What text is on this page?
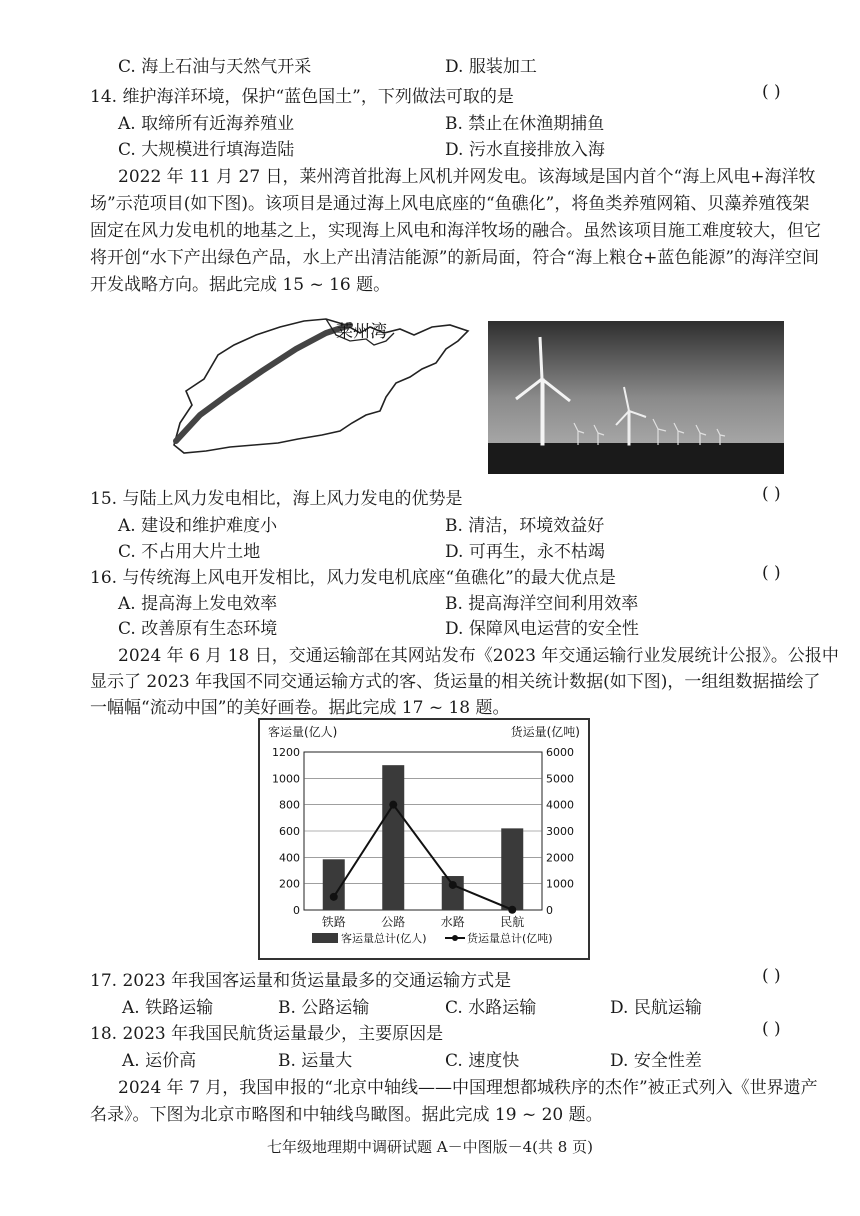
C. 海上石油与天然气开采	D. 服装加工
14. 维护海洋环境，保护“蓝色国土”，下列做法可取的是	( )
A. 取缔所有近海养殖业	B. 禁止在休渔期捕鱼
C. 大规模进行填海造陆	D. 污水直接排放入海
2022 年 11 月 27 日，莱州湾首批海上风机并网发电。该海域是国内首个“海上风电+海洋牧
场”示范项目(如下图)。该项目是通过海上风电底座的“鱼礁化”，将鱼类养殖网箱、贝藻养殖筏架
固定在风力发电机的地基之上，实现海上风电和海洋牧场的融合。虽然该项目施工难度较大，但它
将开创“水下产出绿色产品，水上产出清洁能源”的新局面，符合“海上粮仓+蓝色能源”的海洋空间
开发战略方向。据此完成 15 ~ 16 题。
莱州湾
15. 与陆上风力发电相比，海上风力发电的优势是	( )
A. 建设和维护难度小	B. 清洁，环境效益好
C. 不占用大片土地	D. 可再生，永不枯竭
16. 与传统海上风电开发相比，风力发电机底座“鱼礁化”的最大优点是	( )
A. 提高海上发电效率	B. 提高海洋空间利用效率
C. 改善原有生态环境	D. 保障风电运营的安全性
2024 年 6 月 18 日，交通运输部在其网站发布《2023 年交通运输行业发展统计公报》。公报中
显示了 2023 年我国不同交通运输方式的客、货运量的相关统计数据(如下图)，一组组数据描绘了
一幅幅“流动中国”的美好画卷。据此完成 17 ~ 18 题。
客运量(亿人)	货运量(亿吨)
0
200
400
600
800
1000
1200
0
1000
2000
3000
4000
5000
6000
铁路	公路	水路	民航
客运量总计(亿人)	货运量总计(亿吨)
17. 2023 年我国客运量和货运量最多的交通运输方式是	( )
A. 铁路运输	B. 公路运输	C. 水路运输	D. 民航运输
18. 2023 年我国民航货运量最少，主要原因是	( )
A. 运价高	B. 运量大	C. 速度快	D. 安全性差
2024 年 7 月，我国申报的“北京中轴线——中国理想都城秩序的杰作”被正式列入《世界遗产
名录》。下图为北京市略图和中轴线鸟瞰图。据此完成 19 ~ 20 题。
七年级地理期中调研试题 A－中图版－4(共 8 页)
